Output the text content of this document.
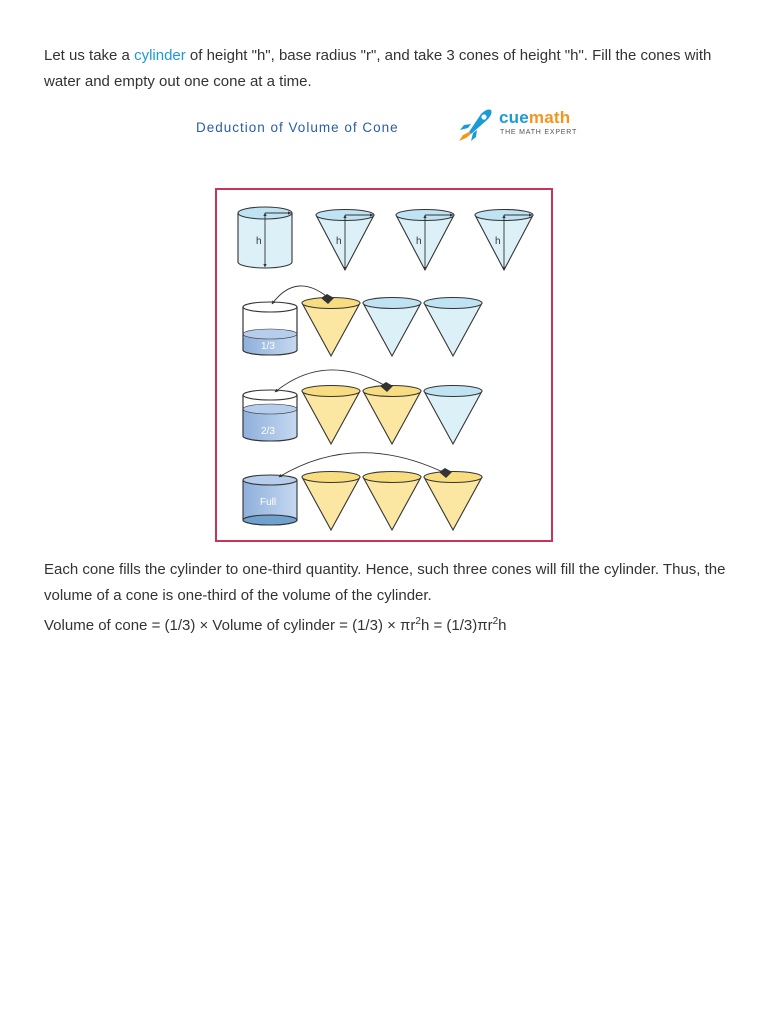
Let us take a cylinder of height "h", base radius "r", and take 3 cones of height "h". Fill the cones with water and empty out one cone at a time.

Deduction of Volume of Cone
cuemath
THE MATH EXPERT
h	h	h	h
1/3
2/3
Full

Each cone fills the cylinder to one-third quantity. Hence, such three cones will fill the cylinder. Thus, the volume of a cone is one-third of the volume of the cylinder.

Volume of cone = (1/3) × Volume of cylinder = $(1/3) \times \pi r^2h = (1/3)\pi r^2h$
